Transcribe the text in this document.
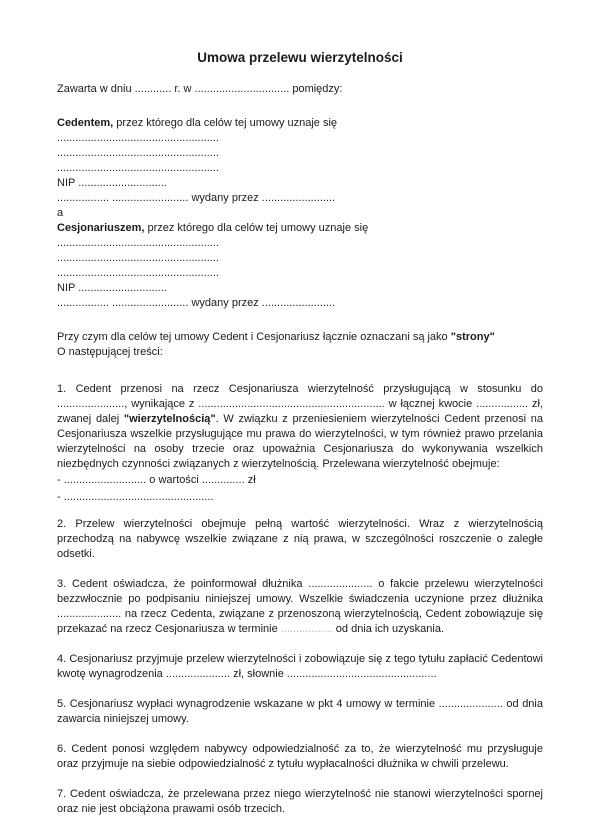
Umowa przelewu wierzytelności

Zawarta w dniu ............ r. w ............................... pomiędzy:

Cedentem, przez którego dla celów tej umowy uznaje się

.....................................................

.....................................................

.....................................................

NIP .............................

................. ......................... wydany przez ........................

a

Cesjonariuszem, przez którego dla celów tej umowy uznaje się

.....................................................

.....................................................

.....................................................

NIP .............................

................. ......................... wydany przez ........................

Przy czym dla celów tej umowy Cedent i Cesjonariusz łącznie oznaczani są jako "strony"

O następującej treści:

1. Cedent przenosi na rzecz Cesjonariusza wierzytelność przysługującą w stosunku do ......................, wynikające z ............................................................. w łącznej kwocie ................. zł, zwanej dalej "wierzytelnością". W związku z przeniesieniem wierzytelności Cedent przenosi na Cesjonariusza wszelkie przysługujące mu prawa do wierzytelności, w tym również prawo przelania wierzytelności na osoby trzecie oraz upoważnia Cesjonariusza do wykonywania wszelkich niezbędnych czynności związanych z wierzytelnością. Przelewana wierzytelność obejmuje:

- ........................... o wartości .............. zł

- .................................................

2. Przelew wierzytelności obejmuje pełną wartość wierzytelności. Wraz z wierzytelnością przechodzą na nabywcę wszelkie związane z nią prawa, w szczególności roszczenie o zaległe odsetki.

3. Cedent oświadcza, że poinformował dłużnika ..................... o fakcie przelewu wierzytelności bezzwłocznie po podpisaniu niniejszej umowy. Wszelkie świadczenia uczynione przez dłużnika ..................... na rzecz Cedenta, związane z przenoszoną wierzytelnością, Cedent zobowiązuje się przekazać na rzecz Cesjonariusza w terminie ................. od dnia ich uzyskania.

4. Cesjonariusz przyjmuje przelew wierzytelności i zobowiązuje się z tego tytułu zapłacić Cedentowi kwotę wynagrodzenia ..................... zł, słownie .................................................

5. Cesjonariusz wypłaci wynagrodzenie wskazane w pkt 4 umowy w terminie ..................... od dnia zawarcia niniejszej umowy.

6. Cedent ponosi względem nabywcy odpowiedzialność za to, że wierzytelność mu przysługuje oraz przyjmuje na siebie odpowiedzialność z tytułu wypłacalności dłużnika w chwili przelewu.

7. Cedent oświadcza, że przelewana przez niego wierzytelność nie stanowi wierzytelności spornej oraz nie jest obciążona prawami osób trzecich.
